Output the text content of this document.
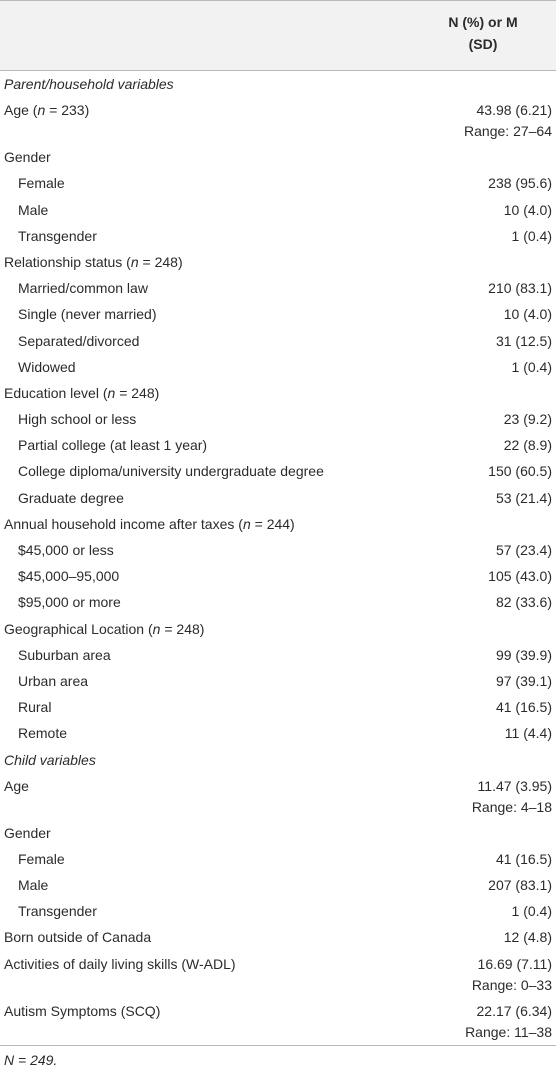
N (%) or M
(SD)
Parent/household variables
Age (n = 233)	43.98 (6.21)
Range: 27–64
Gender
Female	238 (95.6)
Male	10 (4.0)
Transgender	1 (0.4)
Relationship status (n = 248)
Married/common law	210 (83.1)
Single (never married)	10 (4.0)
Separated/divorced	31 (12.5)
Widowed	1 (0.4)
Education level (n = 248)
High school or less	23 (9.2)
Partial college (at least 1 year)	22 (8.9)
College diploma/university undergraduate degree	150 (60.5)
Graduate degree	53 (21.4)
Annual household income after taxes (n = 244)
$45,000 or less	57 (23.4)
$45,000–95,000	105 (43.0)
$95,000 or more	82 (33.6)
Geographical Location (n = 248)
Suburban area	99 (39.9)
Urban area	97 (39.1)
Rural	41 (16.5)
Remote	11 (4.4)
Child variables
Age	11.47 (3.95)
Range: 4–18
Gender
Female	41 (16.5)
Male	207 (83.1)
Transgender	1 (0.4)
Born outside of Canada	12 (4.8)
Activities of daily living skills (W-ADL)	16.69 (7.11)
Range: 0–33
Autism Symptoms (SCQ)	22.17 (6.34)
Range: 11–38
N = 249.
